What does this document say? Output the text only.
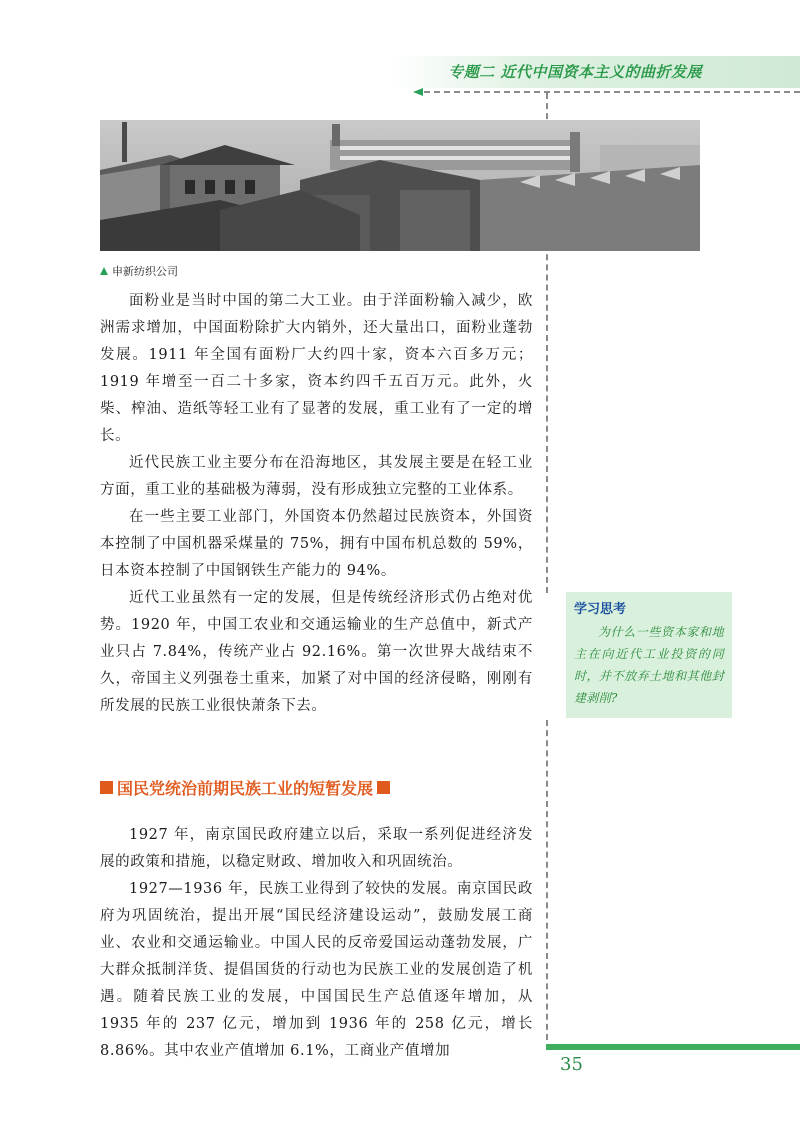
专题二 近代中国资本主义的曲折发展
申新纺织公司

面粉业是当时中国的第二大工业。由于洋面粉输入减少，欧洲需求增加，中国面粉除扩大内销外，还大量出口，面粉业蓬勃发展。1911 年全国有面粉厂大约四十家，资本六百多万元；1919 年增至一百二十多家，资本约四千五百万元。此外，火柴、榨油、造纸等轻工业有了显著的发展，重工业有了一定的增长。

近代民族工业主要分布在沿海地区，其发展主要是在轻工业方面，重工业的基础极为薄弱，没有形成独立完整的工业体系。

在一些主要工业部门，外国资本仍然超过民族资本，外国资本控制了中国机器采煤量的 75%，拥有中国布机总数的 59%，日本资本控制了中国钢铁生产能力的 94%。

近代工业虽然有一定的发展，但是传统经济形式仍占绝对优势。1920 年，中国工农业和交通运输业的生产总值中，新式产业只占 7.84%，传统产业占 92.16%。第一次世界大战结束不久，帝国主义列强卷土重来，加紧了对中国的经济侵略，刚刚有所发展的民族工业很快萧条下去。

学习思考
为什么一些资本家和地主在向近代工业投资的同时，并不放弃土地和其他封建剥削?
国民党统治前期民族工业的短暂发展

1927 年，南京国民政府建立以后，采取一系列促进经济发展的政策和措施，以稳定财政、增加收入和巩固统治。

1927—1936 年，民族工业得到了较快的发展。南京国民政府为巩固统治，提出开展“国民经济建设运动”，鼓励发展工商业、农业和交通运输业。中国人民的反帝爱国运动蓬勃发展，广大群众抵制洋货、提倡国货的行动也为民族工业的发展创造了机遇。随着民族工业的发展，中国国民生产总值逐年增加，从 1935 年的 237 亿元，增加到 1936 年的 258 亿元，增长 8.86%。其中农业产值增加 6.1%，工商业产值增加

35
